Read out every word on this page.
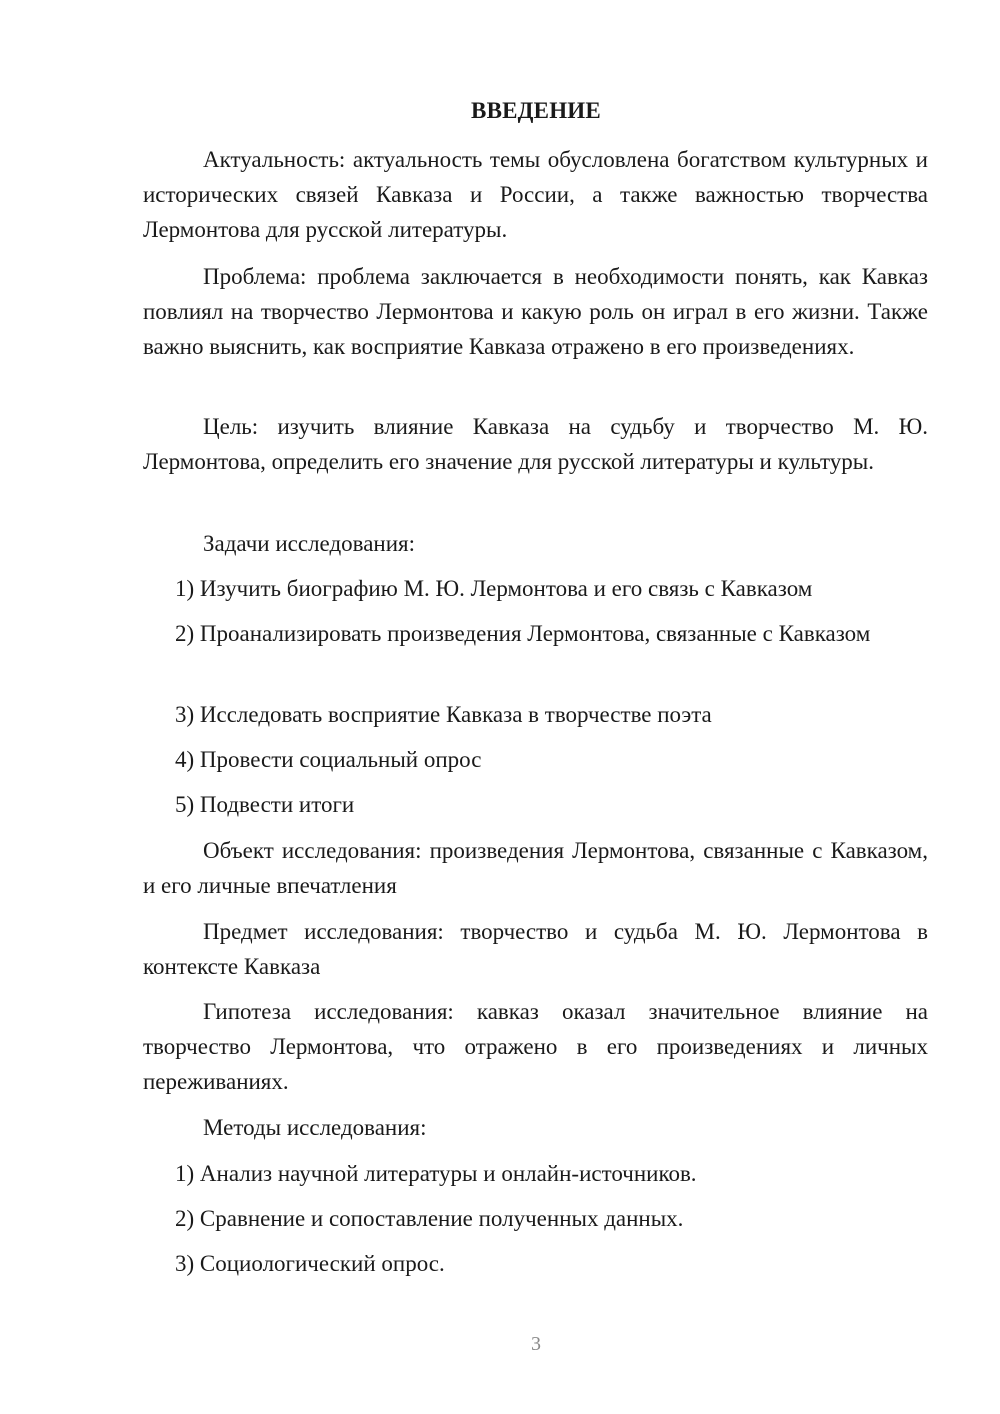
ВВЕДЕНИЕ

Актуальность: актуальность темы обусловлена богатством культурных и исторических связей Кавказа и России, а также важностью творчества Лермонтова для русской литературы.

Проблема: проблема заключается в необходимости понять, как Кавказ повлиял на творчество Лермонтова и какую роль он играл в его жизни. Также важно выяснить, как восприятие Кавказа отражено в его произведениях.

Цель: изучить влияние Кавказа на судьбу и творчество М. Ю. Лермонтова, определить его значение для русской литературы и культуры.

Задачи исследования:

1) Изучить биографию М. Ю. Лермонтова и его связь с Кавказом

2) Проанализировать произведения Лермонтова, связанные с Кавказом

3) Исследовать восприятие Кавказа в творчестве поэта

4) Провести социальный опрос

5) Подвести итоги

Объект исследования: произведения Лермонтова, связанные с Кавказом, и его личные впечатления

Предмет исследования: творчество и судьба М. Ю. Лермонтова в контексте Кавказа

Гипотеза исследования: кавказ оказал значительное влияние на творчество Лермонтова, что отражено в его произведениях и личных переживаниях.

Методы исследования:

1) Анализ научной литературы и онлайн-источников.

2) Сравнение и сопоставление полученных данных.

3) Социологический опрос.

3
